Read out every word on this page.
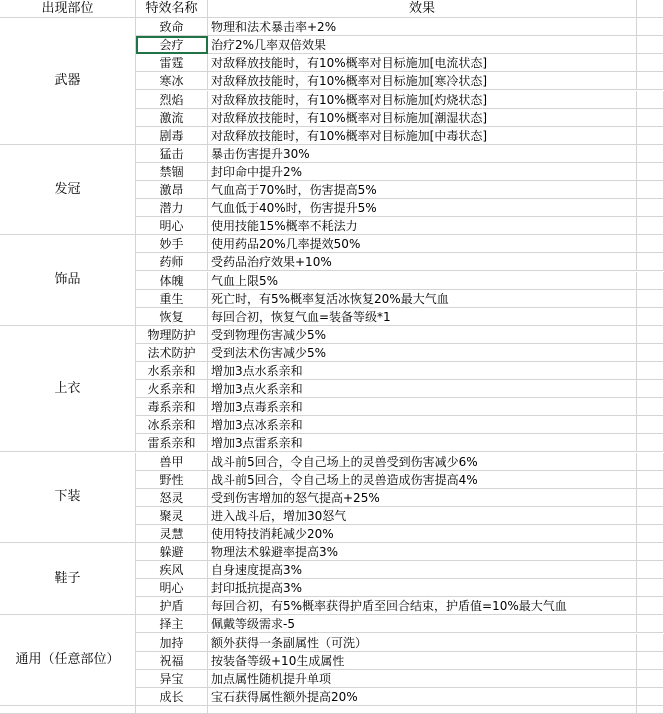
出现部位	特效名称	效果
武器
致命	物理和法术暴击率+2%
会疗	治疗2%几率双倍效果
雷霆	对敌释放技能时，有10%概率对目标施加[电流状态]
寒冰	对敌释放技能时，有10%概率对目标施加[寒冷状态]
烈焰	对敌释放技能时，有10%概率对目标施加[灼烧状态]
激流	对敌释放技能时，有10%概率对目标施加[潮湿状态]
剧毒	对敌释放技能时，有10%概率对目标施加[中毒状态]
发冠
猛击	暴击伤害提升30%
禁锢	封印命中提升2%
激昂	气血高于70%时，伤害提高5%
潜力	气血低于40%时，伤害提升5%
明心	使用技能15%概率不耗法力
饰品
妙手	使用药品20%几率提效50%
药师	受药品治疗效果+10%
体魄	气血上限5%
重生	死亡时，有5%概率复活冰恢复20%最大气血
恢复	每回合初，恢复气血=装备等级*1
上衣
物理防护	受到物理伤害减少5%
法术防护	受到法术伤害减少5%
水系亲和	增加3点水系亲和
火系亲和	增加3点火系亲和
毒系亲和	增加3点毒系亲和
冰系亲和	增加3点冰系亲和
雷系亲和	增加3点雷系亲和
下装
兽甲	战斗前5回合，令自己场上的灵兽受到伤害减少6%
野性	战斗前5回合，令自己场上的灵兽造成伤害提高4%
怒灵	受到伤害增加的怒气提高+25%
聚灵	进入战斗后，增加30怒气
灵慧	使用特技消耗减少20%
鞋子
躲避	物理法术躲避率提高3%
疾风	自身速度提高3%
明心	封印抵抗提高3%
护盾	每回合初，有5%概率获得护盾至回合结束，护盾值=10%最大气血
通用（任意部位）
择主	佩戴等级需求-5
加持	额外获得一条副属性（可洗）
祝福	按装备等级+10生成属性
异宝	加点属性随机提升单项
成长	宝石获得属性额外提高20%
